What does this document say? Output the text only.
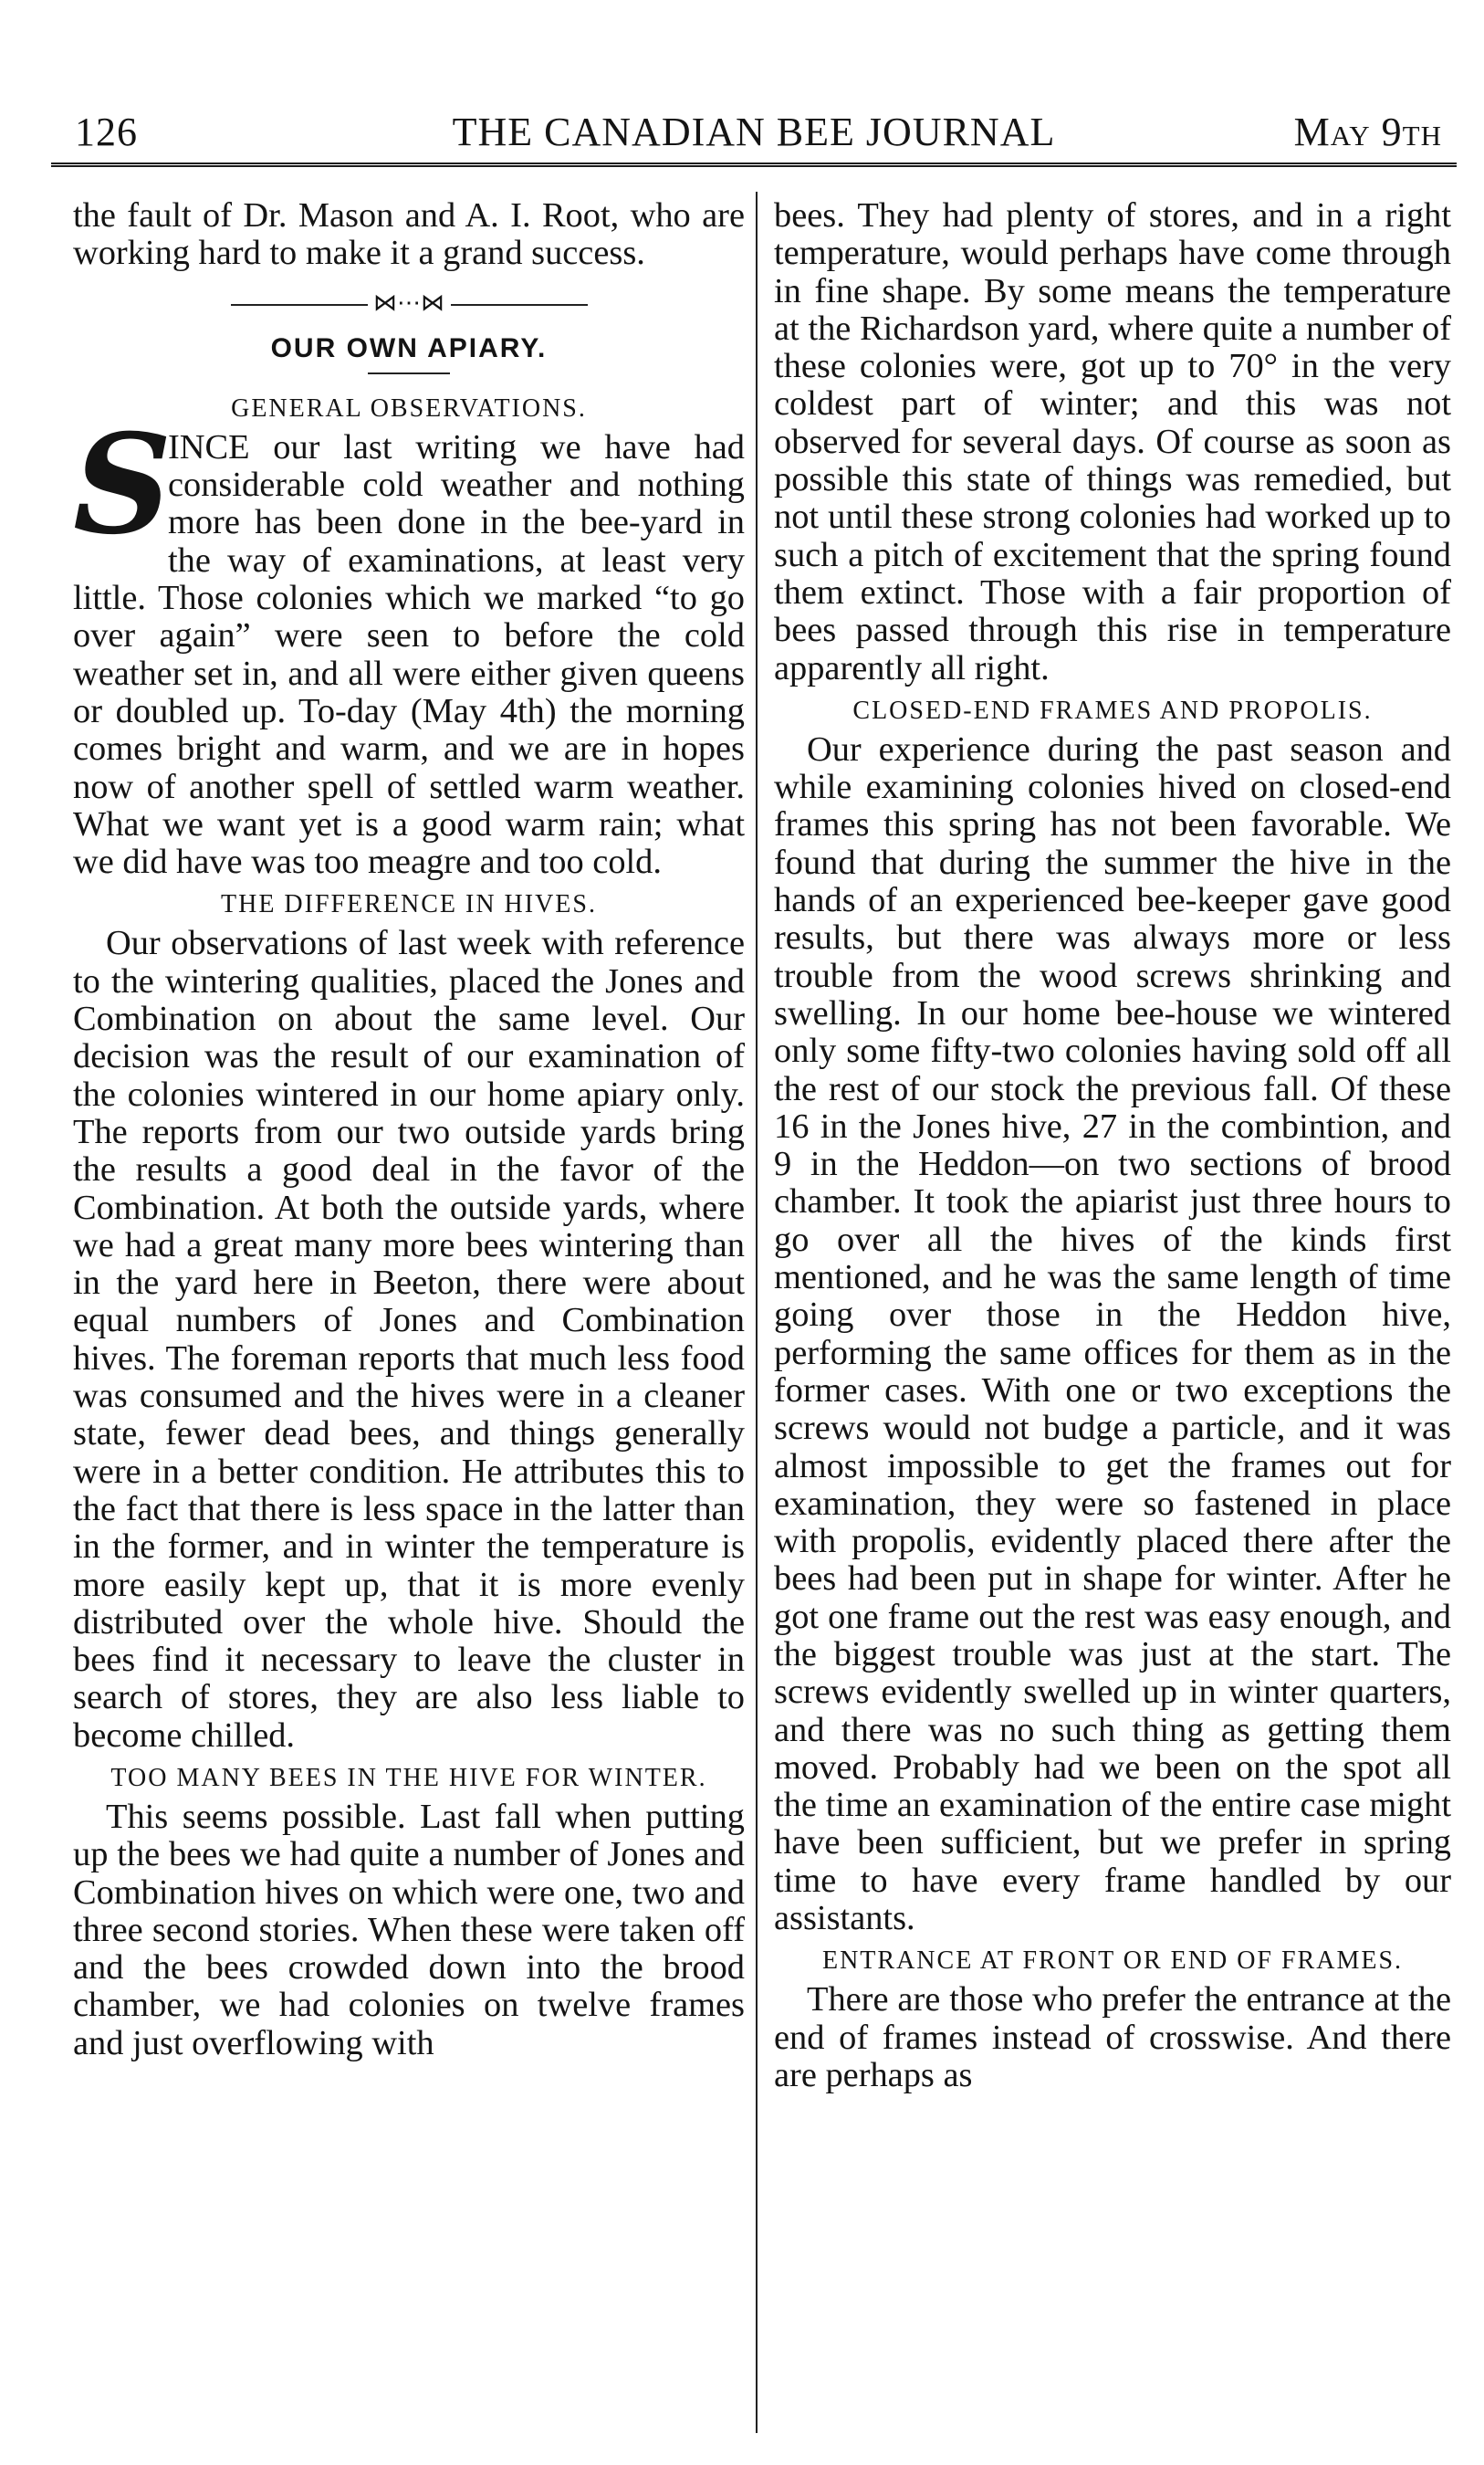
126	THE CANADIAN BEE JOURNAL	May 9th

the fault of Dr. Mason and A. I. Root, who are working hard to make it a grand success.

⋈⋯⋈
OUR OWN APIARY.
GENERAL OBSERVATIONS.

S
INCE our last writing we have had considerable cold weather and nothing more has been done in the bee-yard in the way of examinations, at least very little. Those colonies which we marked “to go over again” were seen to before the cold weather set in, and all were either given queens or doubled up. To-day (May 4th) the morning comes bright and warm, and we are in hopes now of another spell of settled warm weather. What we want yet is a good warm rain; what we did have was too meagre and too cold.

THE DIFFERENCE IN HIVES.

Our observations of last week with reference to the wintering qualities, placed the Jones and Combination on about the same level. Our decision was the result of our examination of the colonies wintered in our home apiary only. The reports from our two outside yards bring the results a good deal in the favor of the Combination. At both the outside yards, where we had a great many more bees wintering than in the yard here in Beeton, there were about equal numbers of Jones and Combination hives. The foreman reports that much less food was consumed and the hives were in a cleaner state, fewer dead bees, and things generally were in a better condition. He attributes this to the fact that there is less space in the latter than in the former, and in winter the temperature is more easily kept up, that it is more evenly distributed over the whole hive. Should the bees find it necessary to leave the cluster in search of stores, they are also less liable to become chilled.

TOO MANY BEES IN THE HIVE FOR WINTER.

This seems possible. Last fall when putting up the bees we had quite a number of Jones and Combination hives on which were one, two and three second stories. When these were taken off and the bees crowded down into the brood chamber, we had colonies on twelve frames and just overflowing with

bees. They had plenty of stores, and in a right temperature, would perhaps have come through in fine shape. By some means the temperature at the Richardson yard, where quite a number of these colonies were, got up to 70° in the very coldest part of winter; and this was not observed for several days. Of course as soon as possible this state of things was remedied, but not until these strong colonies had worked up to such a pitch of excitement that the spring found them extinct. Those with a fair proportion of bees passed through this rise in temperature apparently all right.

CLOSED-END FRAMES AND PROPOLIS.

Our experience during the past season and while examining colonies hived on closed-end frames this spring has not been favorable. We found that during the summer the hive in the hands of an experienced bee-keeper gave good results, but there was always more or less trouble from the wood screws shrinking and swelling. In our home bee-house we wintered only some fifty-two colonies having sold off all the rest of our stock the previous fall. Of these 16 in the Jones hive, 27 in the combintion, and 9 in the Heddon—on two sections of brood chamber. It took the apiarist just three hours to go over all the hives of the kinds first mentioned, and he was the same length of time going over those in the Heddon hive, performing the same offices for them as in the former cases. With one or two exceptions the screws would not budge a particle, and it was almost impossible to get the frames out for examination, they were so fastened in place with propolis, evidently placed there after the bees had been put in shape for winter. After he got one frame out the rest was easy enough, and the biggest trouble was just at the start. The screws evidently swelled up in winter quarters, and there was no such thing as getting them moved. Probably had we been on the spot all the time an examination of the entire case might have been sufficient, but we prefer in spring time to have every frame handled by our assistants.

ENTRANCE AT FRONT OR END OF FRAMES.

There are those who prefer the entrance at the end of frames instead of crosswise. And there are perhaps as
